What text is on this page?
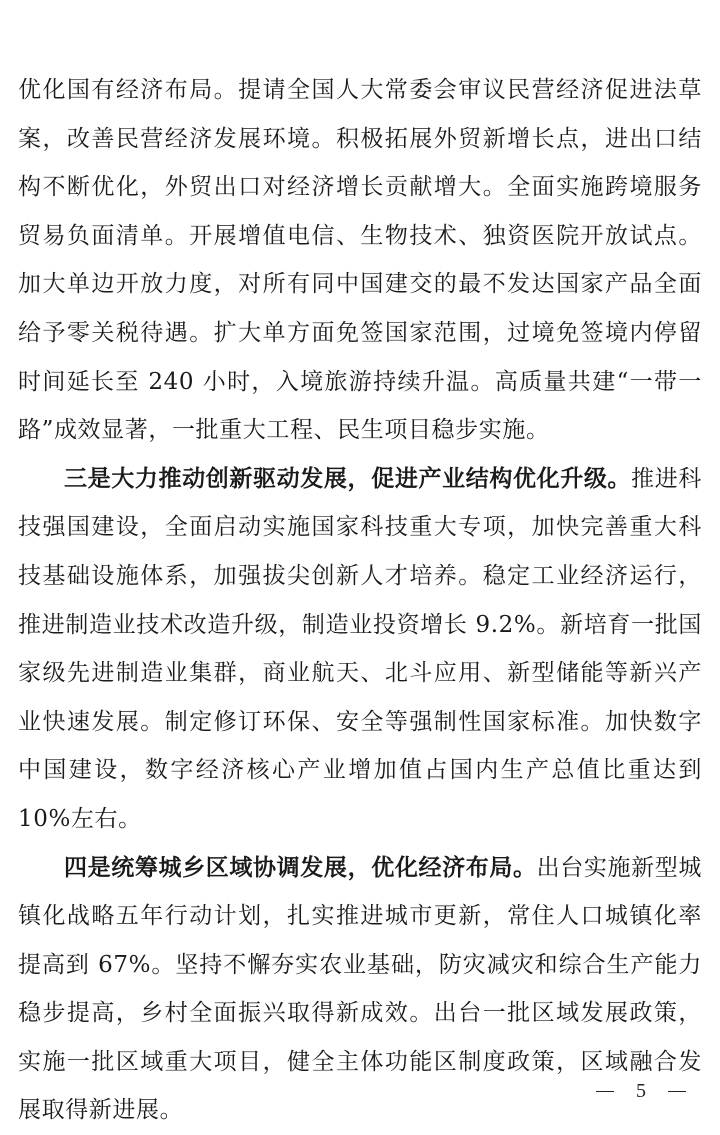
优化国有经济布局。提请全国人大常委会审议民营经济促进法草案，改善民营经济发展环境。积极拓展外贸新增长点，进出口结构不断优化，外贸出口对经济增长贡献增大。全面实施跨境服务贸易负面清单。开展增值电信、生物技术、独资医院开放试点。加大单边开放力度，对所有同中国建交的最不发达国家产品全面给予零关税待遇。扩大单方面免签国家范围，过境免签境内停留时间延长至 240 小时，入境旅游持续升温。高质量共建“一带一路”成效显著，一批重大工程、民生项目稳步实施。

三是大力推动创新驱动发展，促进产业结构优化升级。推进科技强国建设，全面启动实施国家科技重大专项，加快完善重大科技基础设施体系，加强拔尖创新人才培养。稳定工业经济运行，推进制造业技术改造升级，制造业投资增长 9.2%。新培育一批国家级先进制造业集群，商业航天、北斗应用、新型储能等新兴产业快速发展。制定修订环保、安全等强制性国家标准。加快数字中国建设，数字经济核心产业增加值占国内生产总值比重达到 10%左右。

四是统筹城乡区域协调发展，优化经济布局。出台实施新型城镇化战略五年行动计划，扎实推进城市更新，常住人口城镇化率提高到 67%。坚持不懈夯实农业基础，防灾减灾和综合生产能力稳步提高，乡村全面振兴取得新成效。出台一批区域发展政策，实施一批区域重大项目，健全主体功能区制度政策，区域融合发展取得新进展。

5
